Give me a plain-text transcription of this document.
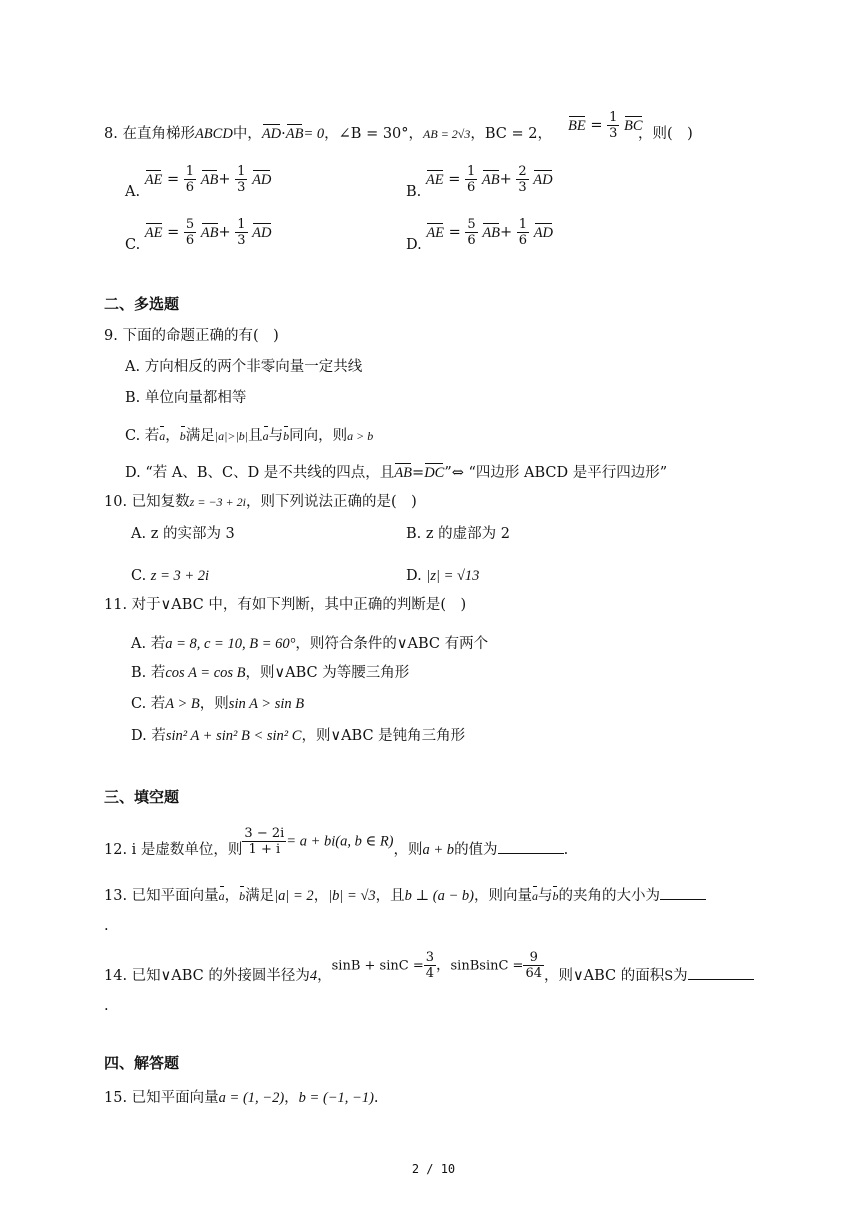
8. 在直角梯形ABCD中，AD·AB= 0，∠B = 30°，AB = 2√3，BC = 2，
BE = $\frac{1}{3}$ BC
，则(　)
A. AE = $\frac{1}{6} AB+ \frac{1}{3}$ AD
B. AE = $\frac{1}{6} AB+ \frac{2}{3}$ AD
C. AE = $\frac{5}{6} AB+ \frac{1}{3}$ AD
D. AE = $\frac{5}{6} AB+ \frac{1}{6}$ AD
二、多选题
9. 下面的命题正确的有(　)
A. 方向相反的两个非零向量一定共线
B. 单位向量都相等
C. 若a，b满足|a|>|b|且a与b同向，则a > b
D. “若 A、B、C、D 是不共线的四点，且AB=DC”⇔ “四边形 ABCD 是平行四边形”
10. 已知复数z = −3 + 2i，则下列说法正确的是(　)
A. z 的实部为 3	B. z 的虚部为 2
C. z = 3 + 2i	D. |z| = √13
11. 对于∨ABC 中，有如下判断，其中正确的判断是(　)
A. 若a = 8, c = 10, B = 60°，则符合条件的∨ABC 有两个
B. 若cos A = cos B，则∨ABC 为等腰三角形
C. 若A > B，则sin A > sin B
D. 若sin² A + sin² B < sin² C，则∨ABC 是钝角三角形
三、填空题
12. i 是虚数单位，则 $\frac{3 - 2i}{1 + i} = a + bi(a$, b ∈ R)，则a + b的值为	.
13. 已知平面向量a，b满足|a| = 2，|b| = √3，且b ⊥ (a − b)，则向量a与b的夹角的大小为
.
14. 已知∨ABC 的外接圆半径为4，$\sin B + \sin C = \frac{3}{4}$ ，sinBsinC = $\frac{9}{64}$ ，则∨ABC 的面积S为
.
四、解答题
15. 已知平面向量a = (1, −2)，b = (−1, −1).
2 / 10
